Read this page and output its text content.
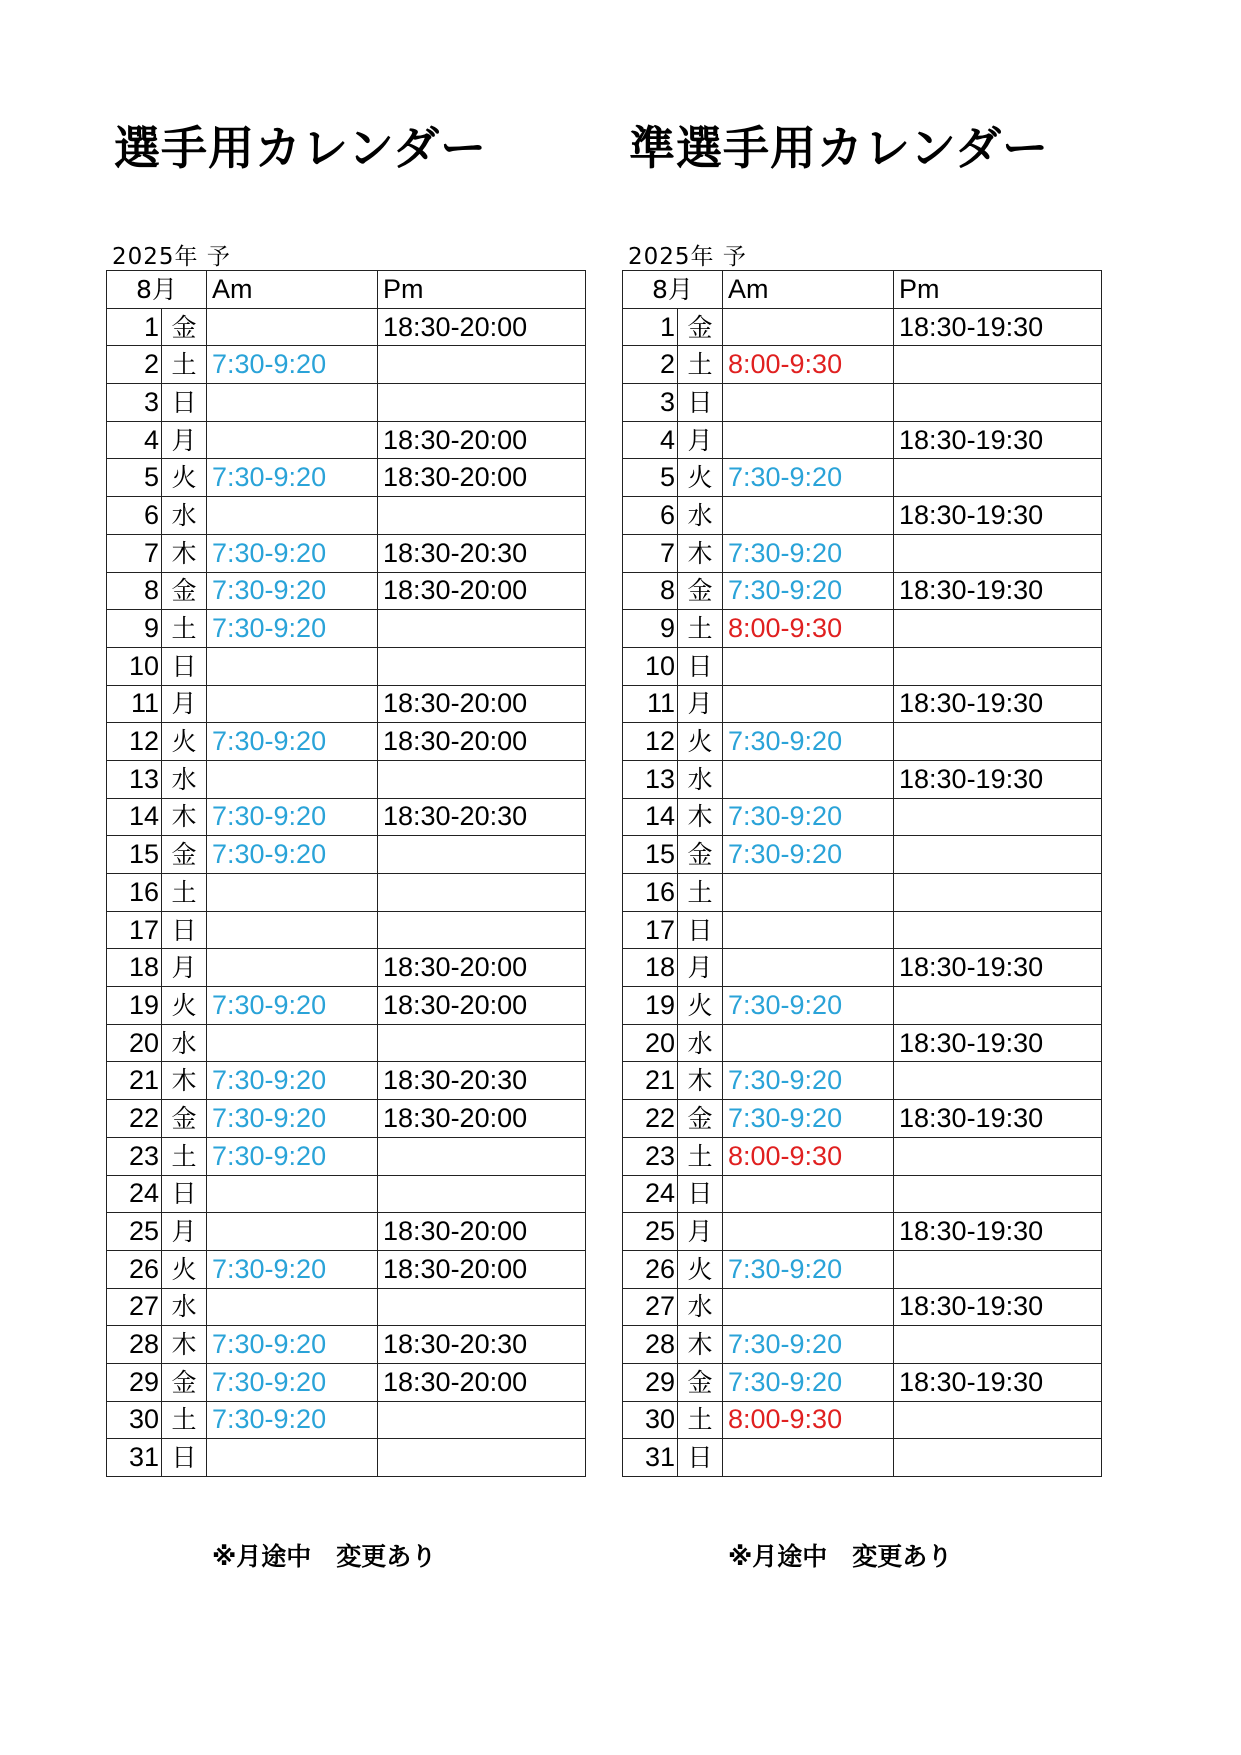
選手用カレンダー
2025年 予
8月		Am	Pm
1	金		18:30-20:00
2	土	7:30-9:20	
3	日		
4	月		18:30-20:00
5	火	7:30-9:20	18:30-20:00
6	水		
7	木	7:30-9:20	18:30-20:30
8	金	7:30-9:20	18:30-20:00
9	土	7:30-9:20	
10	日		
11	月		18:30-20:00
12	火	7:30-9:20	18:30-20:00
13	水		
14	木	7:30-9:20	18:30-20:30
15	金	7:30-9:20	
16	土		
17	日		
18	月		18:30-20:00
19	火	7:30-9:20	18:30-20:00
20	水		
21	木	7:30-9:20	18:30-20:30
22	金	7:30-9:20	18:30-20:00
23	土	7:30-9:20	
24	日		
25	月		18:30-20:00
26	火	7:30-9:20	18:30-20:00
27	水		
28	木	7:30-9:20	18:30-20:30
29	金	7:30-9:20	18:30-20:00
30	土	7:30-9:20	
31	日		
※月途中　変更あり
準選手用カレンダー
2025年 予
8月		Am	Pm
1	金		18:30-19:30
2	土	8:00-9:30	
3	日		
4	月		18:30-19:30
5	火	7:30-9:20	
6	水		18:30-19:30
7	木	7:30-9:20	
8	金	7:30-9:20	18:30-19:30
9	土	8:00-9:30	
10	日		
11	月		18:30-19:30
12	火	7:30-9:20	
13	水		18:30-19:30
14	木	7:30-9:20	
15	金	7:30-9:20	
16	土		
17	日		
18	月		18:30-19:30
19	火	7:30-9:20	
20	水		18:30-19:30
21	木	7:30-9:20	
22	金	7:30-9:20	18:30-19:30
23	土	8:00-9:30	
24	日		
25	月		18:30-19:30
26	火	7:30-9:20	
27	水		18:30-19:30
28	木	7:30-9:20	
29	金	7:30-9:20	18:30-19:30
30	土	8:00-9:30	
31	日		
※月途中　変更あり
